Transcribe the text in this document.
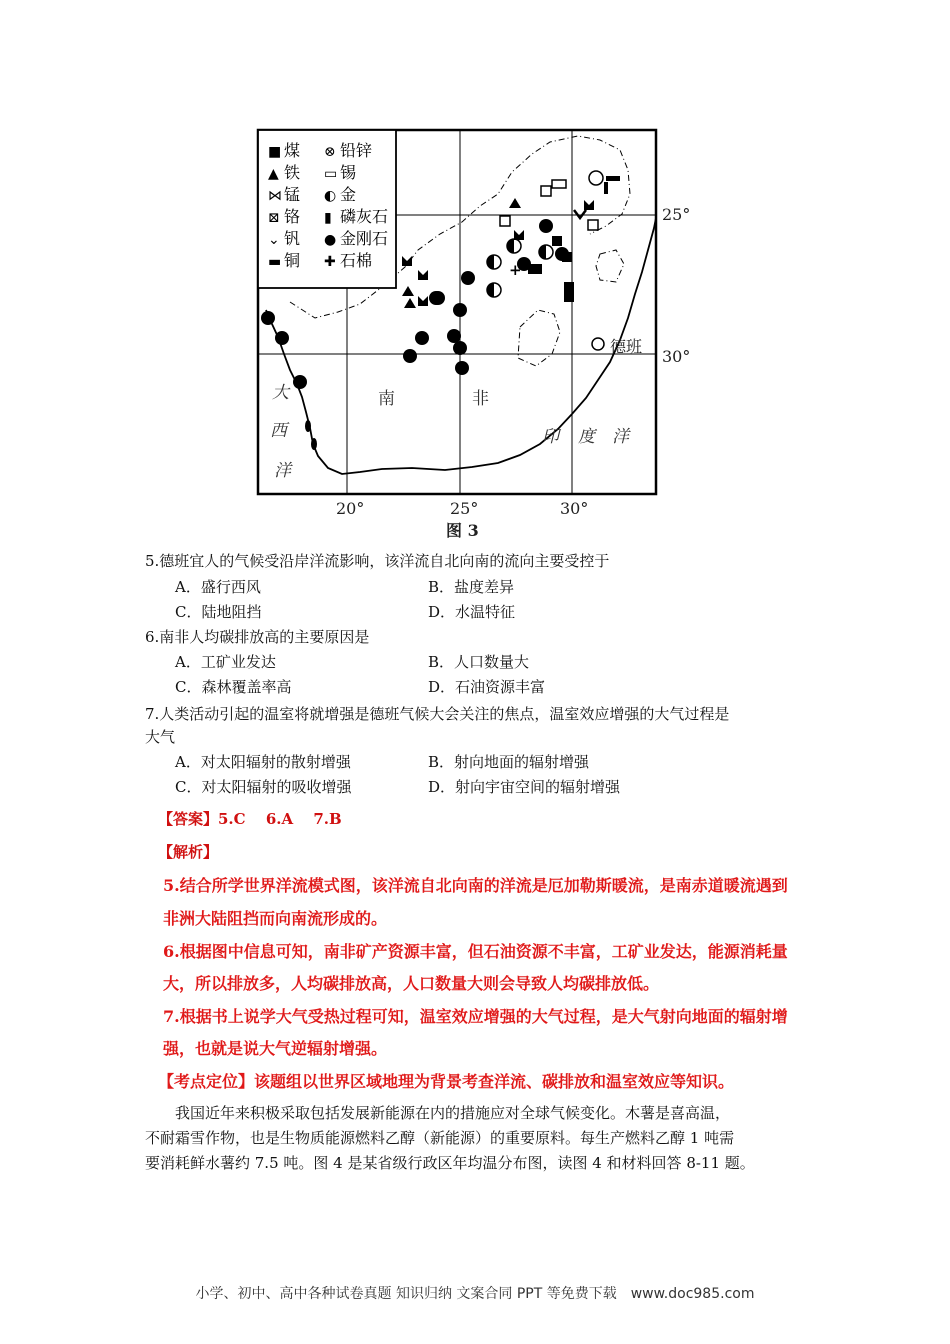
■ 煤 ⊗ 铅锌
▲ 铁 ▭ 锡
⋈ 锰 ◐ 金
⊠ 铬 ▮ 磷灰石
⌄ 钒 ● 金刚石
▬ 铜 ✚ 石棉
25°
30°
20°	25°	30°
大
西
洋
南	非
印 度 洋
德班
+
图 3
5.德班宜人的气候受沿岸洋流影响，该洋流自北向南的流向主要受控于
A．盛行西风	B．盐度差异
C．陆地阻挡	D．水温特征
6.南非人均碳排放高的主要原因是
A．工矿业发达	B．人口数量大
C．森林覆盖率高	D．石油资源丰富
7.人类活动引起的温室将就增强是德班气候大会关注的焦点，温室效应增强的大气过程是
大气
A．对太阳辐射的散射增强	B．射向地面的辐射增强
C．对太阳辐射的吸收增强	D．射向宇宙空间的辐射增强
【答案】5.C　 6.A　 7.B
【解析】
5.结合所学世界洋流模式图，该洋流自北向南的洋流是厄加勒斯暖流，是南赤道暖流遇到
非洲大陆阻挡而向南流形成的。
6.根据图中信息可知，南非矿产资源丰富，但石油资源不丰富，工矿业发达，能源消耗量
大，所以排放多，人均碳排放高，人口数量大则会导致人均碳排放低。
7.根据书上说学大气受热过程可知，温室效应增强的大气过程，是大气射向地面的辐射增
强，也就是说大气逆辐射增强。
【考点定位】该题组以世界区域地理为背景考查洋流、碳排放和温室效应等知识。
　　我国近年来积极采取包括发展新能源在内的措施应对全球气候变化。木薯是喜高温，
不耐霜雪作物，也是生物质能源燃料乙醇（新能源）的重要原料。每生产燃料乙醇 1 吨需
要消耗鲜水薯约 7.5 吨。图 4 是某省级行政区年均温分布图，读图 4 和材料回答 8-11 题。
小学、初中、高中各种试卷真题 知识归纳 文案合同 PPT 等免费下载　www.doc985.com
